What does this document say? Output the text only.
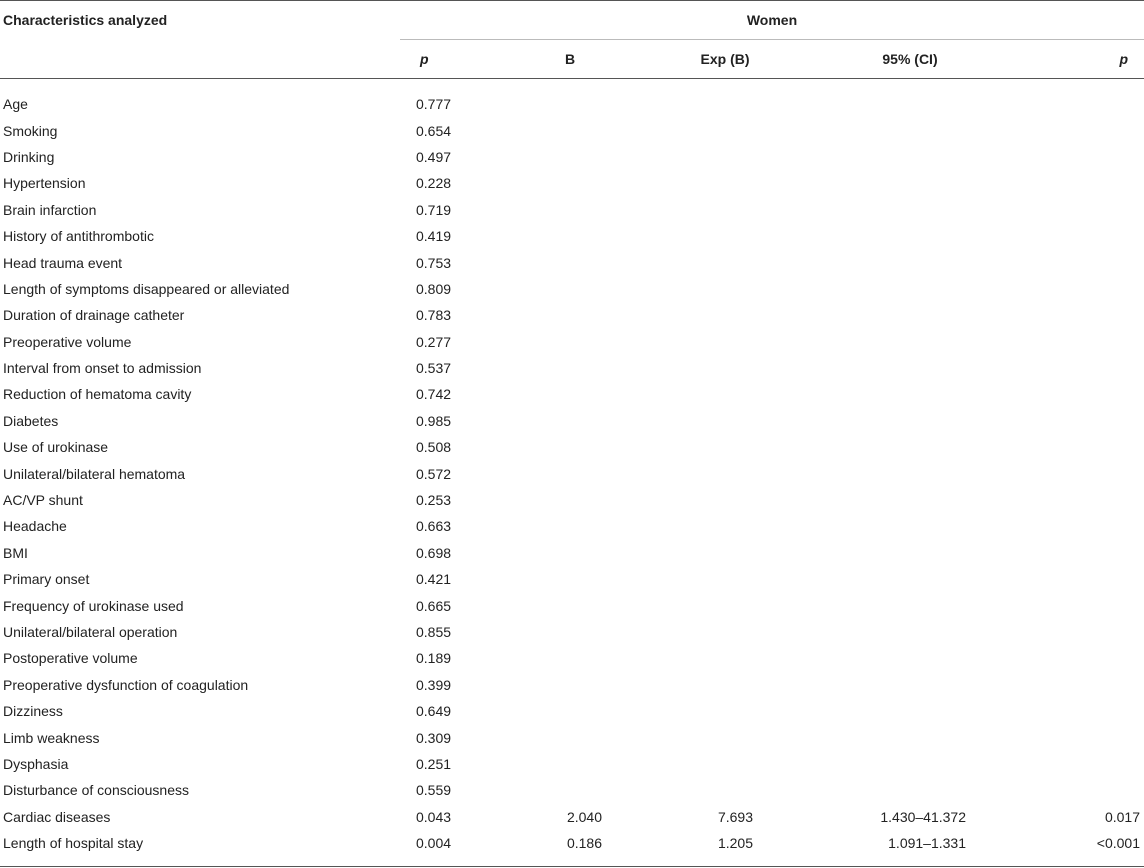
Characteristics analyzed	Women				
	p	B	Exp (B)	95% (CI)	p
Age	0.777				
Smoking	0.654				
Drinking	0.497				
Hypertension	0.228				
Brain infarction	0.719				
History of antithrombotic	0.419				
Head trauma event	0.753				
Length of symptoms disappeared or alleviated	0.809				
Duration of drainage catheter	0.783				
Preoperative volume	0.277				
Interval from onset to admission	0.537				
Reduction of hematoma cavity	0.742				
Diabetes	0.985				
Use of urokinase	0.508				
Unilateral/bilateral hematoma	0.572				
AC/VP shunt	0.253				
Headache	0.663				
BMI	0.698				
Primary onset	0.421				
Frequency of urokinase used	0.665				
Unilateral/bilateral operation	0.855				
Postoperative volume	0.189				
Preoperative dysfunction of coagulation	0.399				
Dizziness	0.649				
Limb weakness	0.309				
Dysphasia	0.251				
Disturbance of consciousness	0.559				
Cardiac diseases	0.043	2.040	7.693	1.430–41.372	0.017
Length of hospital stay	0.004	0.186	1.205	1.091–1.331	<0.001
